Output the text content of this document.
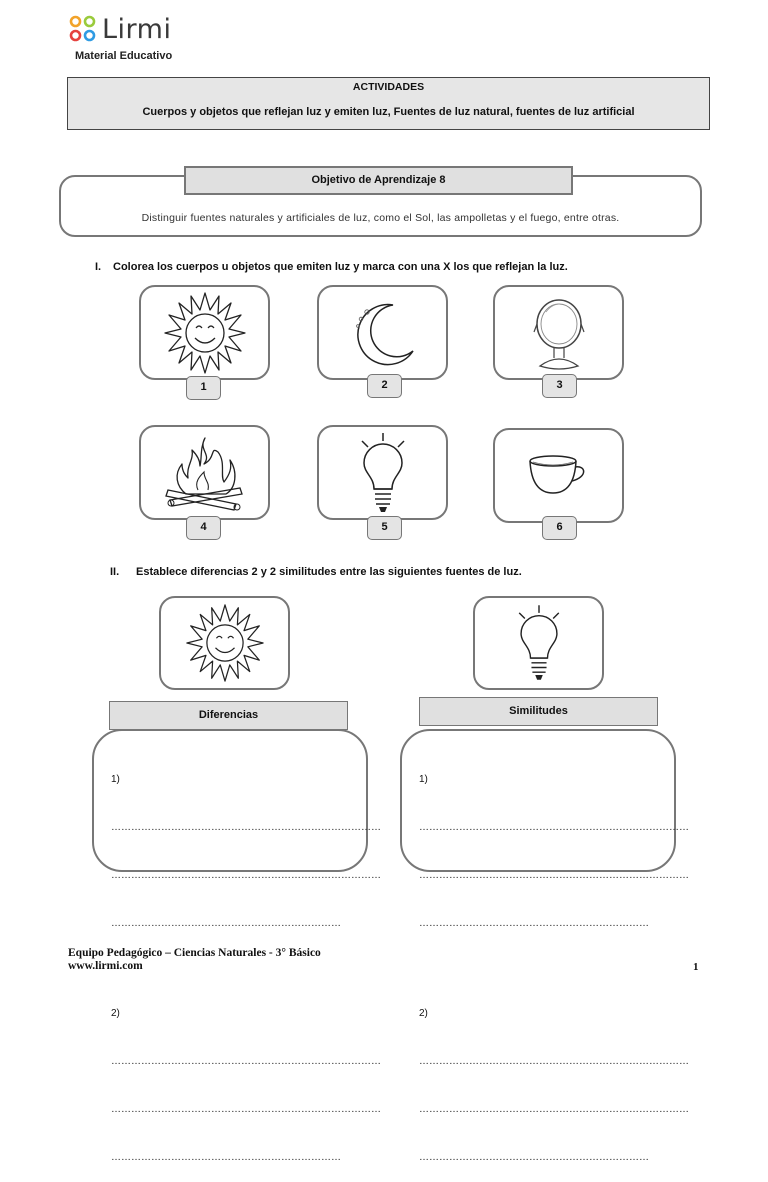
Lirmi
Material Educativo
ACTIVIDADES
Cuerpos y objetos que reflejan luz y emiten luz, Fuentes de luz natural, fuentes de luz artificial
Objetivo de Aprendizaje 8
Distinguir fuentes naturales y artificiales de luz, como el Sol, las ampolletas y el fuego, entre otras.
I. Colorea los cuerpos u objetos que emiten luz y marca con una X los que reflejan la luz.
1	2	3
4	5	6
II. Establece diferencias 2 y 2 similitudes entre las siguientes fuentes de luz.
Diferencias

1)

………………………………………………………………………

………………………………………………………………………

……………………………………………………………

2)

………………………………………………………………………

………………………………………………………………………

……………………………………………………………

Similitudes

1)

………………………………………………………………………

………………………………………………………………………

……………………………………………………………

2)

………………………………………………………………………

………………………………………………………………………

……………………………………………………………

Equipo Pedagógico – Ciencias Naturales - 3° Básico
www.lirmi.com	1
